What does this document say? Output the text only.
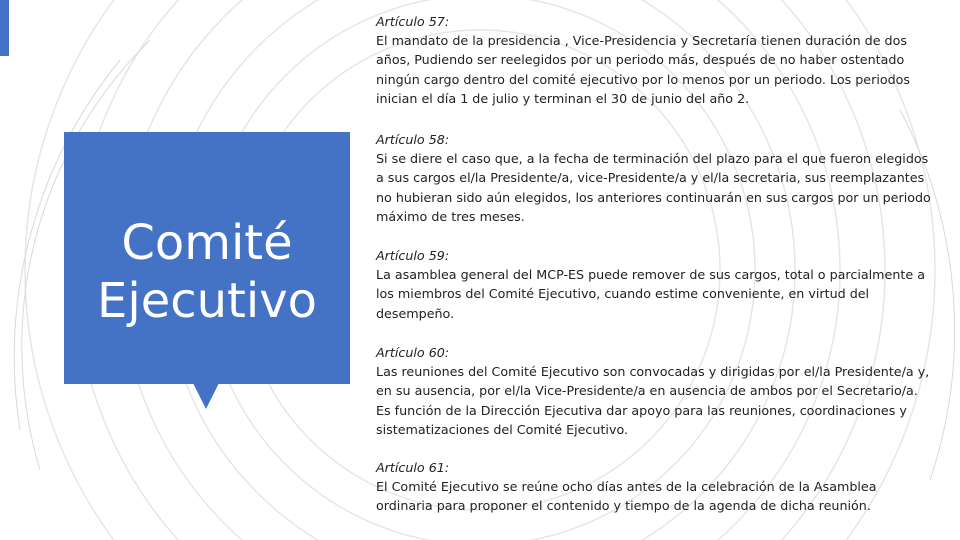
Comité
Ejecutivo
Artículo 57:
El mandato de la presidencia , Vice-Presidencia y Secretaría tienen duración de dos años, Pudiendo ser reelegidos por un periodo más, después de no haber ostentado ningún cargo dentro del comité ejecutivo por lo menos por un periodo. Los periodos inician el día 1 de julio y terminan el 30 de junio del año 2.
Artículo 58:
Si se diere el caso que, a la fecha de terminación del plazo para el que fueron elegidos a sus cargos el/la Presidente/a, vice-Presidente/a y el/la secretaria, sus reemplazantes no hubieran sido aún elegidos, los anteriores continuarán en sus cargos por un periodo máximo de tres meses.
Artículo 59:
La asamblea general del MCP-ES puede remover de sus cargos, total o parcialmente a los miembros del Comité Ejecutivo, cuando estime conveniente, en virtud del desempeño.
Artículo 60:
Las reuniones del Comité Ejecutivo son convocadas y dirigidas por el/la Presidente/a y, en su ausencia, por el/la Vice-Presidente/a en ausencia de ambos por el Secretario/a. Es función de la Dirección Ejecutiva dar apoyo para las reuniones, coordinaciones y sistematizaciones del Comité Ejecutivo.
Artículo 61:
El Comité Ejecutivo se reúne ocho días antes de la celebración de la Asamblea ordinaria para proponer el contenido y tiempo de la agenda de dicha reunión.
